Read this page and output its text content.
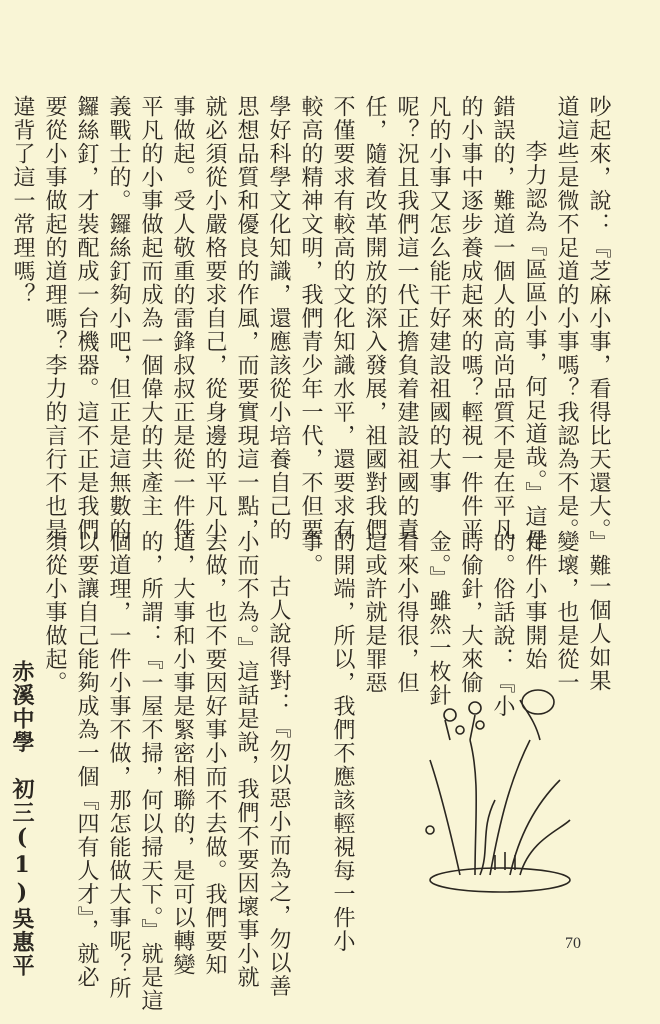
吵起來，說：『芝麻小事，看得比天還大。』難
道這些是微不足道的小事嗎？我認為不是。
李力認為『區區小事，何足道哉。』這是
錯誤的，難道一個人的高尚品質不是在平凡
的小事中逐步養成起來的嗎？輕視一件件平
凡的小事又怎么能干好建設祖國的大事
呢？況且我們這一代正擔負着建設祖國的責
任，隨着改革開放的深入發展，祖國對我們
不僅要求有較高的文化知識水平，還要求有
較高的精神文明，我們青少年一代，不但要
學好科學文化知識，還應該從小培養自己的
思想品質和優良的作風，而要實現這一點，
就必須從小嚴格要求自己，從身邊的平凡小
事做起。受人敬重的雷鋒叔叔正是從一件件
平凡的小事做起而成為一個偉大的共產主
義戰士的。鑼絲釘夠小吧，但正是這無數的
鑼絲釘，才裝配成一台機器。這不正是我們
要從小事做起的道理嗎？李力的言行不也是
違背了這一常理嗎？
一個人如果
變壞，也是從一
件件小事開始
的。俗話說：『小
時偷針，大來偷
金。』雖然一枚針
看來小得很，但
這或許就是罪惡
的開端，所以，我們不應該輕視每一件小
事。
古人說得對：『勿以惡小而為之，勿以善
小而不為。』這話是說，我們不要因壞事小就
去做，也不要因好事小而不去做。我們要知
道，大事和小事是緊密相聯的，是可以轉變
的，所謂：『一屋不掃，何以掃天下。』就是這
個道理，一件小事不做，那怎能做大事呢？所
以要讓自己能夠成為一個『四有人才』，就必
須從小事做起。
赤溪中學　初三(1)吳惠平	70
